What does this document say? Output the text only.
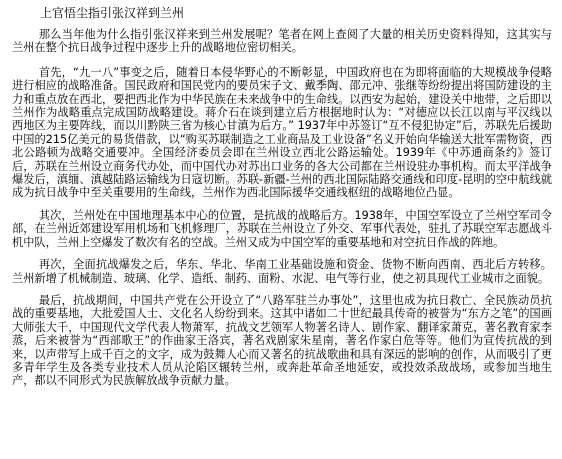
上官悟尘指引张汉祥到兰州

那么当年他为什么指引张汉祥来到兰州发展呢？笔者在网上查阅了大量的相关历史资料得知，这其实与兰州在整个抗日战争过程中逐步上升的战略地位密切相关。

首先，“九一八”事变之后，随着日本侵华野心的不断彰显，中国政府也在为即将面临的大规模战争侵略进行相应的战略准备。国民政府和国民党内的要员宋子文、戴季陶、邵元冲、张继等纷纷提出将国防建设的主力和重点放在西北，要把西北作为中华民族在未来战争中的生命线。以西安为起始，建设关中地带，之后即以兰州作为战略重点完成国防战略建设。蒋介石在谈到建立后方根据地时认为：“对德应以长江以南与平汉线以西地区为主要阵线，而以川黔陕三省为核心甘滇为后方。” 1937年中苏签订“互不侵犯协定”后，苏联先后援助中国的215亿美元的易货借款，以“购买苏联制造之工业商品及工业设备”名义开始向华输送大批军需物资，西北公路顿为战略交通要冲。全国经济委员会即在兰州设立西北公路运输处。1939年《中苏通商条约》签订后，苏联在兰州设立商务代办处，而中国代办对苏出口业务的各大公司都在兰州设驻办事机构。而太平洋战争爆发后，滇缅、滇越陆路运输线为日寇切断。苏联-新疆-兰州的西北国际陆路交通线和印度-昆明的空中航线就成为抗日战争中至关重要用的生命线，兰州作为西北国际援华交通线枢纽的战略地位凸显。

其次，兰州处在中国地理基本中心的位置，是抗战的战略后方。1938年，中国空军设立了兰州空军司令部，在兰州近郊建设军用机场和飞机修理厂，苏联在兰州设立了外交、军事代表处，驻扎了苏联空军志愿战斗机中队，兰州上空爆发了数次有名的空战。兰州又成为中国空军的重要基地和对空抗日作战的阵地。

再次，全面抗战爆发之后，华东、华北、华南工业基础设施和资金、货物不断向西南、西北后方转移。兰州新增了机械制造、玻璃、化学、造纸、制药、面粉、水泥、电气等行业，使之初具现代工业城市之面貌。

最后，抗战期间，中国共产党在公开设立了“八路军驻兰办事处”，这里也成为抗日救亡、全民族动员抗战的重要基地，大批爱国人士、文化名人纷纷到来。这其中诸如二十世纪最具传奇的被誉为“东方之笔”的国画大师张大千，中国现代文学代表人物萧军，抗战文艺领军人物著名诗人、剧作家、翻译家萧克，著名教育家李蒸，后来被誉为“西部歌王”的作曲家王洛宾，著名戏剧家朱星南，著名作家白危等等。他们为宣传抗战的到来，以声带写上成千百之的文字，成为鼓舞人心而又著名的抗战歌曲和具有深远的影响的创作，从而吸引了更多青年学生及各类专业技术人员从沦陷区辗转兰州，或奔赴革命圣地延安，或投效杀敌战场，或参加当地生产，都以不同形式为民族解放战争贡献力量。
